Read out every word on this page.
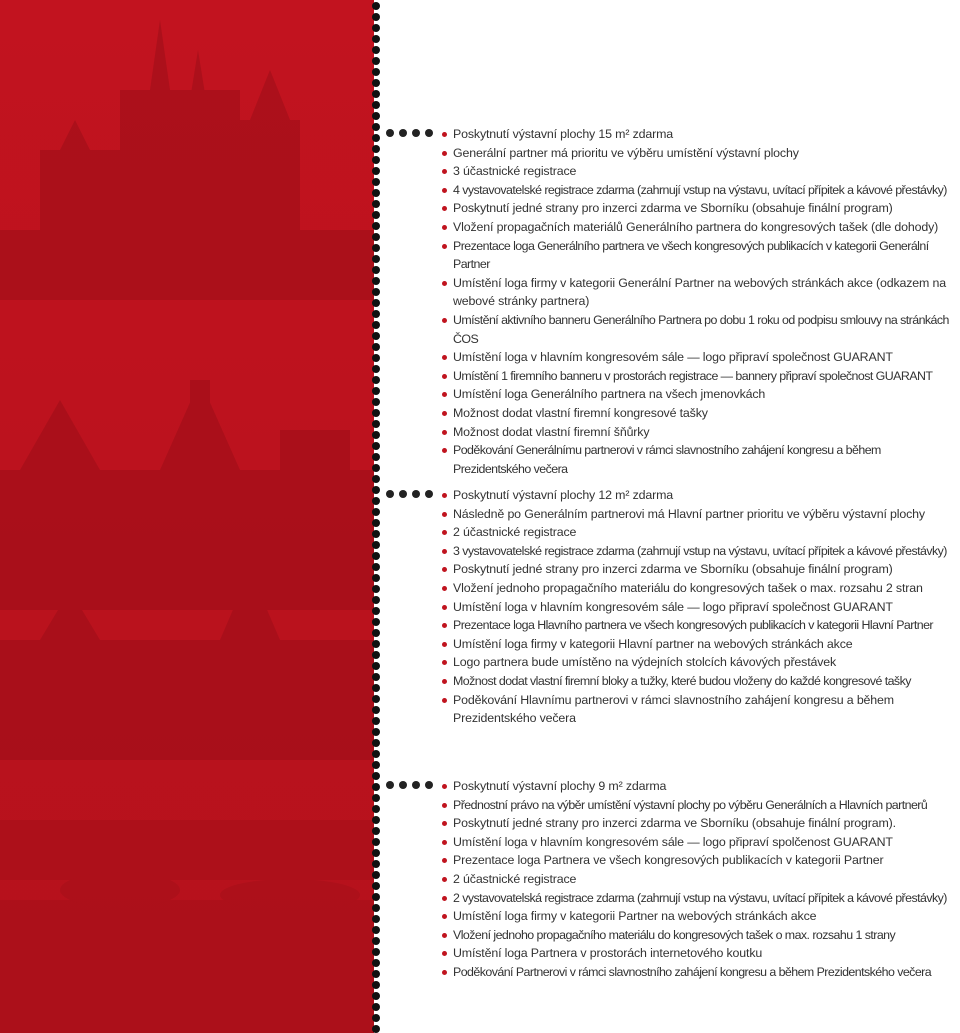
Poskytnutí výstavní plochy 15 m² zdarma
Generální partner má prioritu ve výběru umístění výstavní plochy
3 účastnické registrace
4 vystavovatelské registrace zdarma (zahrnují vstup na výstavu, uvítací přípitek a kávové přestávky)
Poskytnutí jedné strany pro inzerci zdarma ve Sborníku (obsahuje finální program)
Vložení propagačních materiálů Generálního partnera do kongresových tašek (dle dohody)
Prezentace loga Generálního partnera ve všech kongresových publikacích v kategorii Generální Partner
Umístění loga firmy v kategorii Generální Partner na webových stránkách akce (odkazem na webové stránky partnera)
Umístění aktivního banneru Generálního Partnera po dobu 1 roku od podpisu smlouvy na stránkách ČOS
Umístění loga v hlavním kongresovém sále — logo připraví společnost GUARANT
Umístění 1 firemního banneru v prostorách registrace — bannery připraví společnost GUARANT
Umístění loga Generálního partnera na všech jmenovkách
Možnost dodat vlastní firemní kongresové tašky
Možnost dodat vlastní firemní šňůrky
Poděkování Generálnímu partnerovi v rámci slavnostního zahájení kongresu a během Prezidentského večera
Poskytnutí výstavní plochy 12 m² zdarma
Následně po Generálním partnerovi má Hlavní partner prioritu ve výběru výstavní plochy
2 účastnické registrace
3 vystavovatelské registrace zdarma (zahrnují vstup na výstavu, uvítací přípitek a kávové přestávky)
Poskytnutí jedné strany pro inzerci zdarma ve Sborníku (obsahuje finální program)
Vložení jednoho propagačního materiálu do kongresových tašek o max. rozsahu 2 stran
Umístění loga v hlavním kongresovém sále — logo připraví společnost GUARANT
Prezentace loga Hlavního partnera ve všech kongresových publikacích v kategorii Hlavní Partner
Umístění loga firmy v kategorii Hlavní partner na webových stránkách akce
Logo partnera bude umístěno na výdejních stolcích kávových přestávek
Možnost dodat vlastní firemní bloky a tužky, které budou vloženy do každé kongresové tašky
Poděkování Hlavnímu partnerovi v rámci slavnostního zahájení kongresu a během Prezidentského večera
Poskytnutí výstavní plochy 9 m² zdarma
Přednostní právo na výběr umístění výstavní plochy po výběru Generálních a Hlavních partnerů
Poskytnutí jedné strany pro inzerci zdarma ve Sborníku (obsahuje finální program).
Umístění loga v hlavním kongresovém sále — logo připraví spolčenost GUARANT
Prezentace loga Partnera ve všech kongresových publikacích v kategorii Partner
2 účastnické registrace
2 vystavovatelská registrace zdarma (zahrnují vstup na výstavu, uvítací přípitek a kávové přestávky)
Umístění loga firmy v kategorii Partner na webových stránkách akce
Vložení jednoho propagačního materiálu do kongresových tašek o max. rozsahu 1 strany
Umístění loga Partnera v prostorách internetového koutku
Poděkování Partnerovi v rámci slavnostního zahájení kongresu a během Prezidentského večera
